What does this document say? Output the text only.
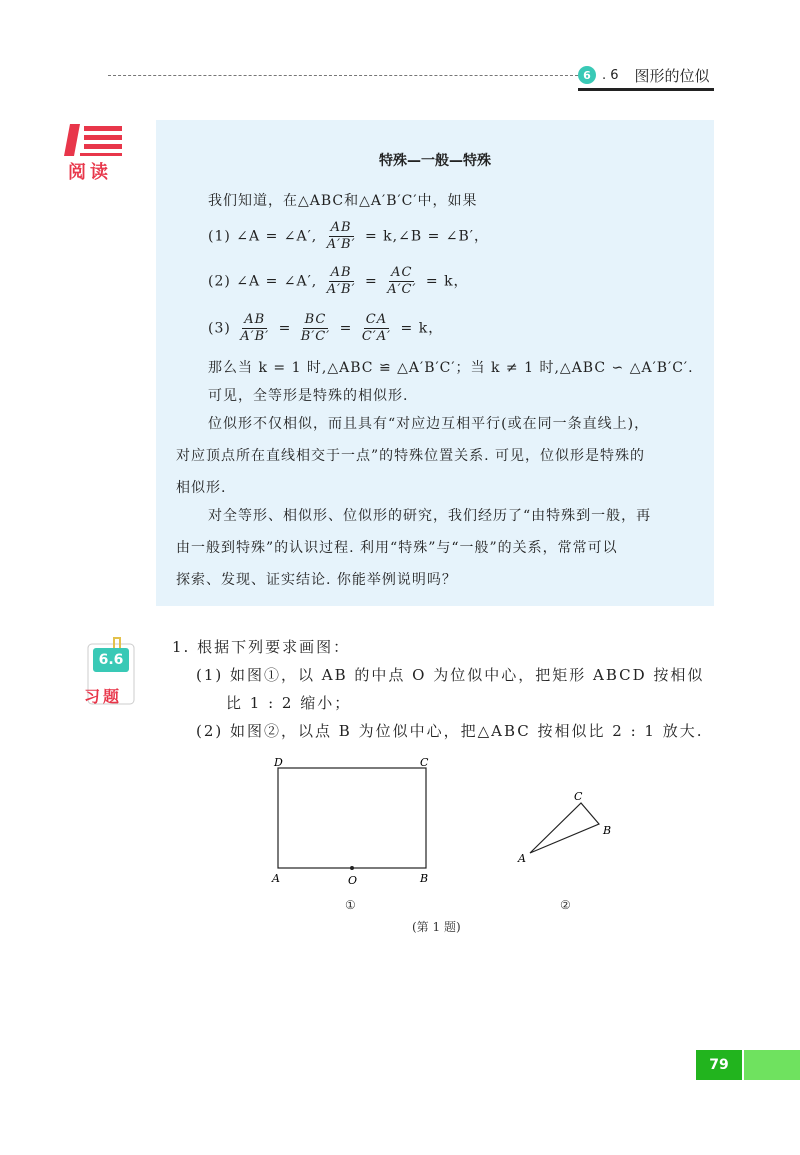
6 . 6 图形的位似
阅读
特殊—一般—特殊
我们知道，在△ABC和△A′B′C′中，如果
(1) ∠A = ∠A′, $\frac{AB}{A'B'}$ = k,∠B = ∠B′，
(2) ∠A = ∠A′, $\frac{AB}{A'B'} = \frac{AC}{A'C'} = k$，
$(3) \frac{AB}{A'B'} = \frac{BC}{B'C'} = \frac{CA}{C'A'} = k$，
那么当 k = 1 时,△ABC ≌ △A′B′C′；当 k ≠ 1 时,△ABC ∽ △A′B′C′.
可见，全等形是特殊的相似形.
位似形不仅相似，而且具有“对应边互相平行(或在同一条直线上)，
对应顶点所在直线相交于一点”的特殊位置关系. 可见，位似形是特殊的
相似形.
对全等形、相似形、位似形的研究，我们经历了“由特殊到一般，再
由一般到特殊”的认识过程. 利用“特殊”与“一般”的关系，常常可以
探索、发现、证实结论. 你能举例说明吗？
6.6
习题
1. 根据下列要求画图：
(1) 如图①，以 AB 的中点 O 为位似中心，把矩形 ABCD 按相似
比 1 : 2 缩小；
(2) 如图②，以点 B 为位似中心，把△ABC 按相似比 2 : 1 放大.
D	C
A	O	B
①
A
C
B
②
(第 1 题)
79
